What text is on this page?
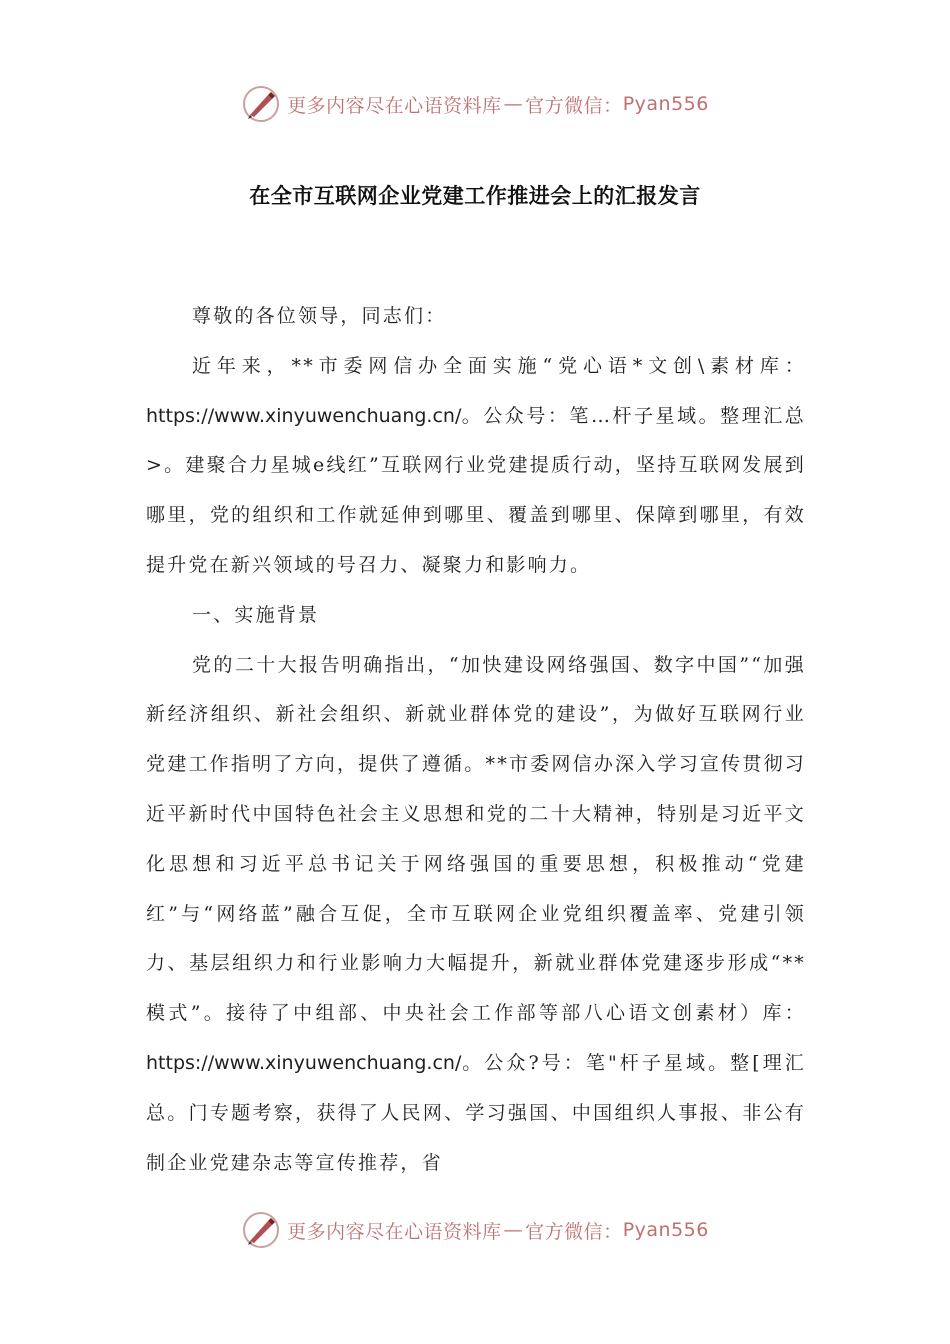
更多内容尽在心语资料库 — 官方微信： Pyan556
在全市互联网企业党建工作推进会上的汇报发言

尊敬的各位领导，同志们：

近年来，**市委网信办全面实施“党心语*文创\素材库：https://www.xinyuwenchuang.cn/。公众号：笔…杆子星域。整理汇总>。建聚合力星城e线红”互联网行业党建提质行动，坚持互联网发展到哪里，党的组织和工作就延伸到哪里、覆盖到哪里、保障到哪里，有效提升党在新兴领域的号召力、凝聚力和影响力。

一、实施背景

党的二十大报告明确指出，“加快建设网络强国、数字中国”“加强新经济组织、新社会组织、新就业群体党的建设”，为做好互联网行业党建工作指明了方向，提供了遵循。**市委网信办深入学习宣传贯彻习近平新时代中国特色社会主义思想和党的二十大精神，特别是习近平文化思想和习近平总书记关于网络强国的重要思想，积极推动“党建红”与“网络蓝”融合互促，全市互联网企业党组织覆盖率、党建引领力、基层组织力和行业影响力大幅提升，新就业群体党建逐步形成“**模式”。接待了中组部、中央社会工作部等部八心语文创素材）库：https://www.xinyuwenchuang.cn/。公众?号：笔"杆子星域。整[理汇总。门专题考察，获得了人民网、学习强国、中国组织人事报、非公有制企业党建杂志等宣传推荐，省

更多内容尽在心语资料库 — 官方微信： Pyan556
